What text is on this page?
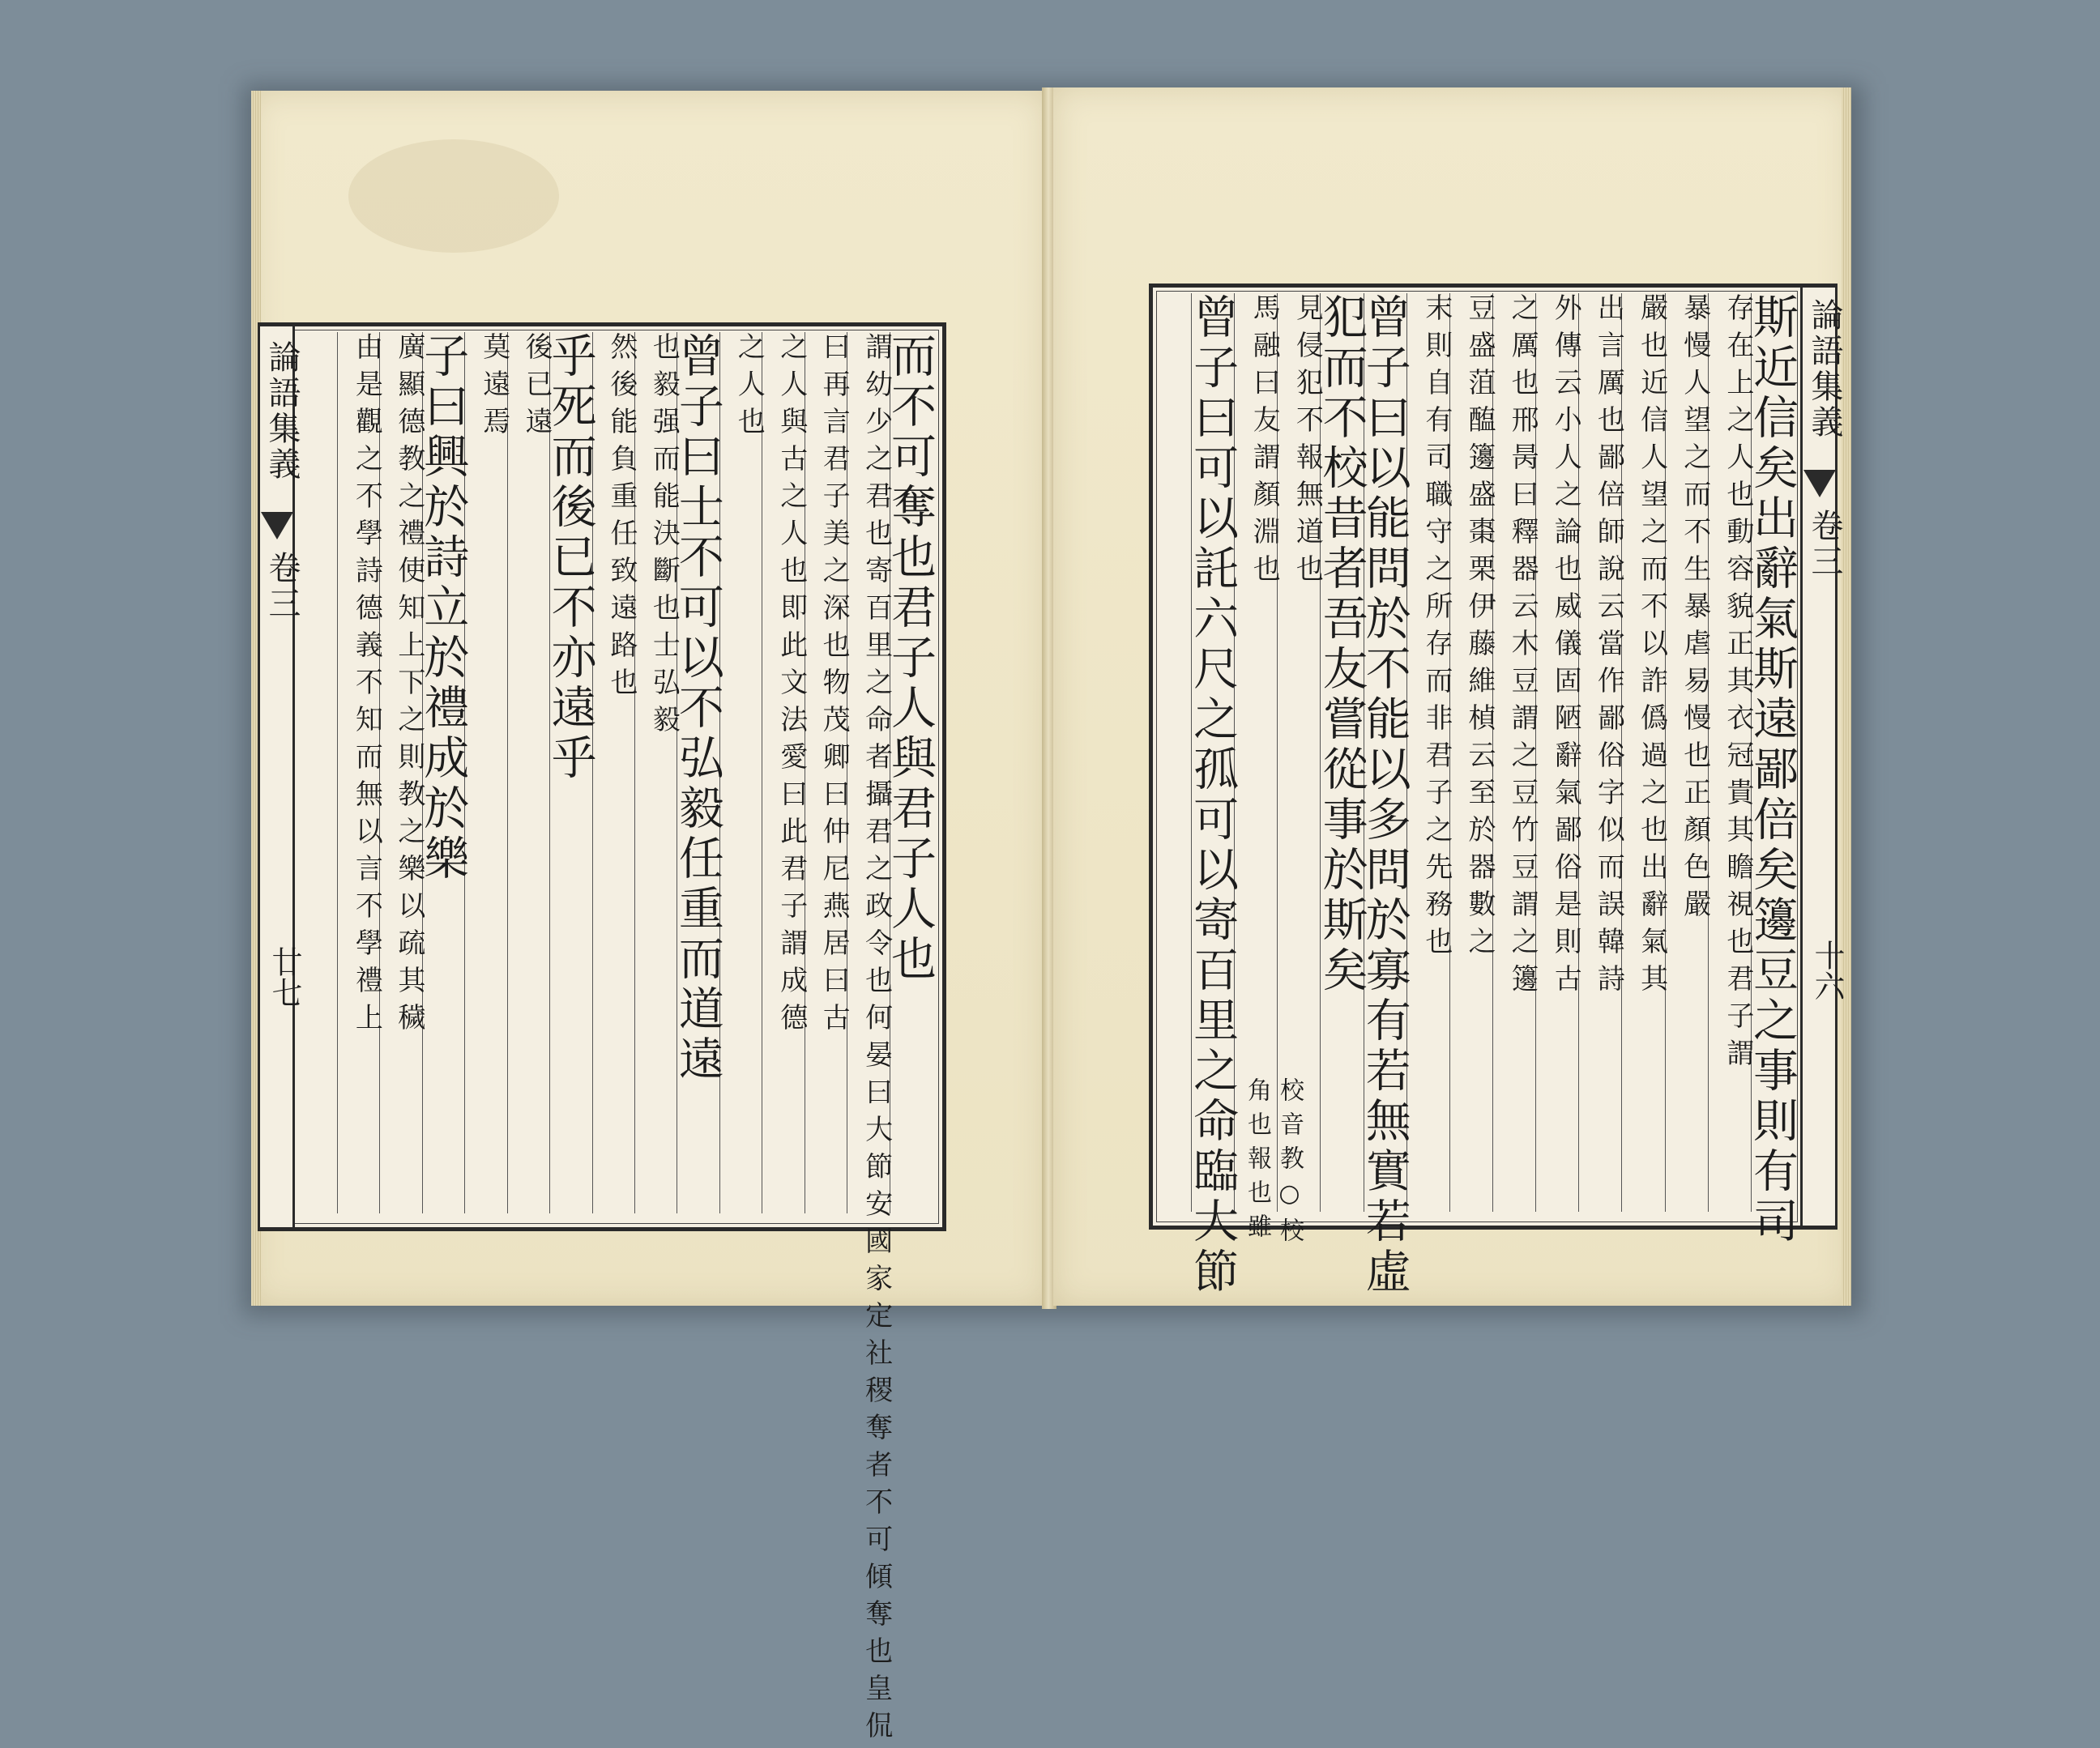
論語集義
卷三
廿七	而不可奪也君子人與君子人也
謂幼少之君也寄百里之命者攝君之政令也何晏曰大節安國家定社稷奪者不可傾奪也皇侃
曰再言君子美之深也物茂卿曰仲尼燕居曰古
之人與古之人也即此文法愛曰此君子謂成德
之人也
曾子曰士不可以不弘毅任重而道遠
也毅强而能決斷也士弘毅
然後能負重任致遠路也
乎死而後已不亦遠乎
後已遠
莫遠焉
子曰興於詩立於禮成於樂
廣顯德教之禮使知上下之則教之樂以疏其穢
由是觀之不學詩德義不知而無以言不學禮上	論語集義
卷三
十六
斯近信矣出辭氣斯遠鄙倍矣籩豆之事則有司
存在上之人也動容貌正其衣冠貴其瞻視也君子謂
暴慢人望之而不生暴虐易慢也正顏色嚴
嚴也近信人望之而不以詐僞過之也出辭氣其
出言厲也鄙倍師說云當作鄙俗字似而誤韓詩
外傳云小人之論也威儀固陋辭氣鄙俗是則古
之厲也邢昺曰釋器云木豆謂之豆竹豆謂之籩
豆盛菹醢籩盛棗栗伊藤維楨云至於器數之
末則自有司職守之所存而非君子之先務也
曾子曰以能問於不能以多問於寡有若無實若虛
犯而不校昔者吾友嘗從事於斯矣
見侵犯不報無道也
馬融曰友謂顏淵也
曾子曰可以託六尺之孤可以寄百里之命臨大節 校音教○校
角也報也雖
